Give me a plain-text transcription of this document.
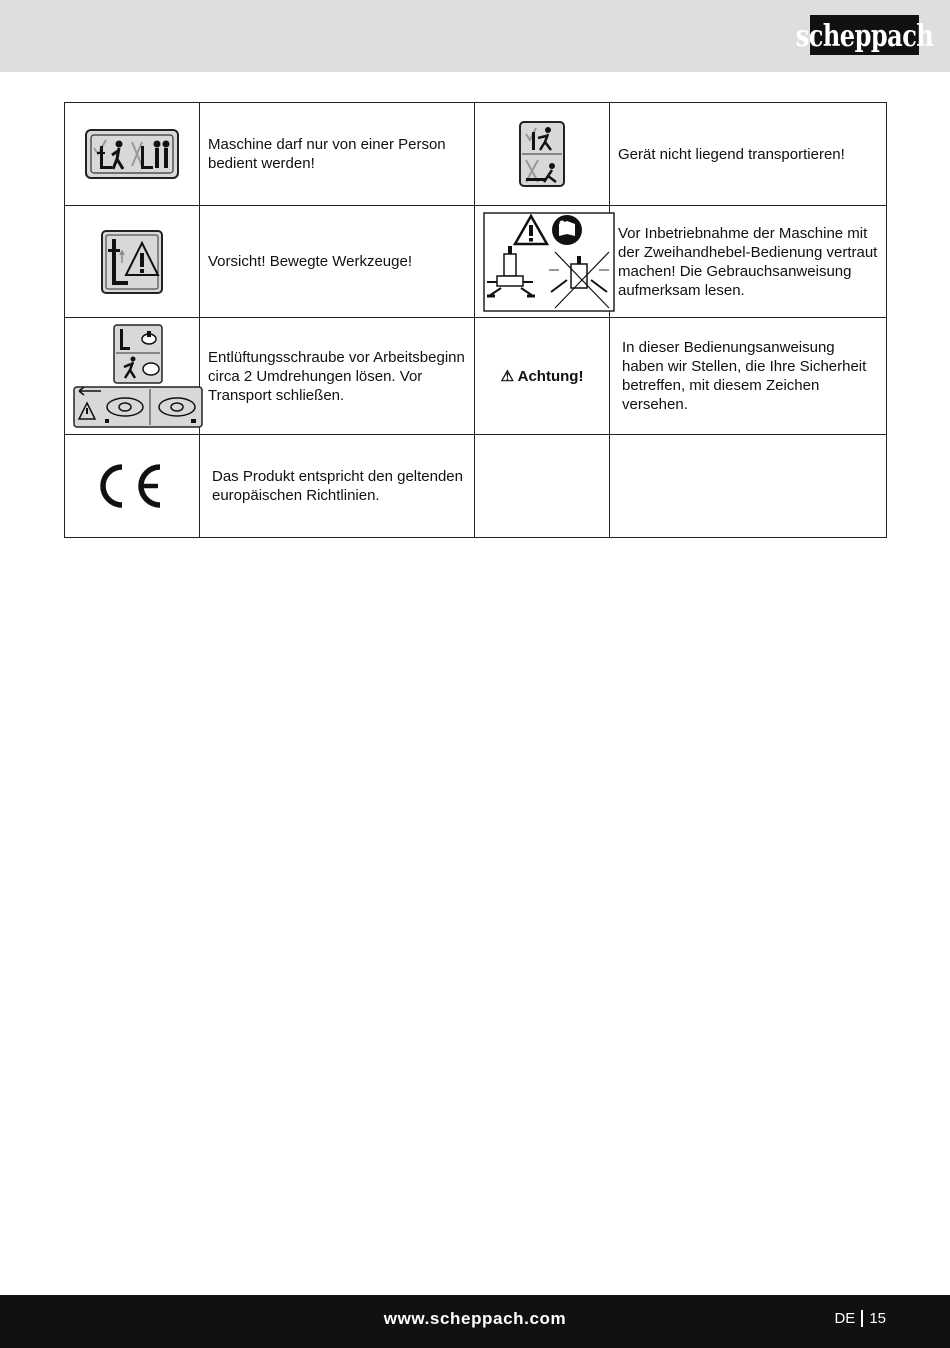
scheppach
	Maschine darf nur von einer Person bedient werden!		Gerät nicht liegend transportieren!

	Vorsicht! Bewegte Werkzeuge!		Vor Inbetriebnahme der Maschine mit der Zweihandhebel-Bedienung vertraut machen! Die Gebrauchsanweisung aufmerksam lesen.

	Entlüftungsschraube vor Arbeitsbeginn circa 2 Umdrehungen lösen. Vor Transport schließen.	⚠ Achtung!	In dieser Bedienungsanweisung haben wir Stellen, die Ihre Sicherheit betreffen, mit diesem Zeichen versehen.

	Das Produkt entspricht den geltenden europäischen Richtlinien.		
www.scheppach.com	DE 15
